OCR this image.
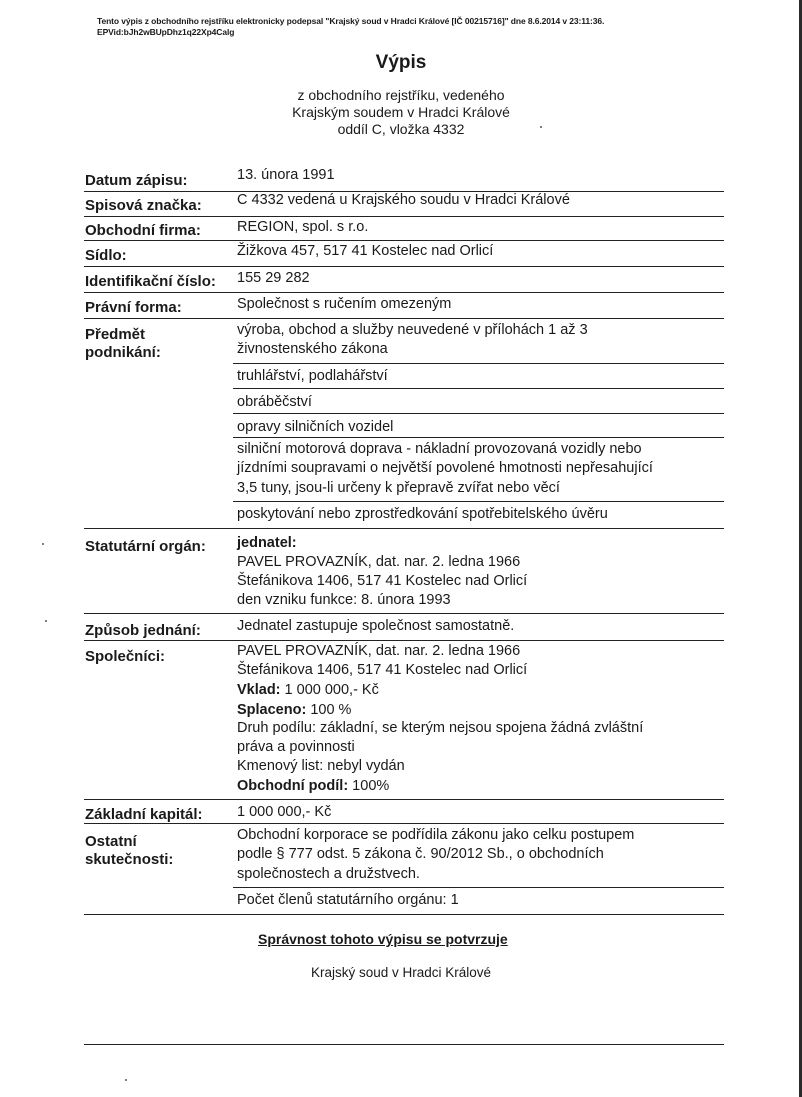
Tento výpis z obchodního rejstříku elektronicky podepsal "Krajský soud v Hradci Králové [IČ 00215716]" dne 8.6.2014 v 23:11:36.
EPVid:bJh2wBUpDhz1q22Xp4Calg
Výpis
z obchodního rejstříku, vedeného
Krajským soudem v Hradci Králové
oddíl C, vložka 4332
Datum zápisu:	13. února 1991
Spisová značka: C 4332 vedená u Krajského soudu v Hradci Králové
Obchodní firma: REGION, spol. s r.o.
Sídlo:	Žižkova 457, 517 41 Kostelec nad Orlicí
Identifikační číslo: 155 29 282
Právní forma:	Společnost s ručením omezeným
Předmět
podnikání:
výroba, obchod a služby neuvedené v přílohách 1 až 3
živnostenského zákona
truhlářství, podlahářství
obráběčství
opravy silničních vozidel
silniční motorová doprava - nákladní provozovaná vozidly nebo
jízdními soupravami o největší povolené hmotnosti nepřesahující
3,5 tuny, jsou-li určeny k přepravě zvířat nebo věcí
poskytování nebo zprostředkování spotřebitelského úvěru
Statutární orgán: jednatel:
PAVEL PROVAZNÍK, dat. nar. 2. ledna 1966
Štefánikova 1406, 517 41 Kostelec nad Orlicí
den vzniku funkce: 8. února 1993
Způsob jednání: Jednatel zastupuje společnost samostatně.
Společníci:	PAVEL PROVAZNÍK, dat. nar. 2. ledna 1966
Štefánikova 1406, 517 41 Kostelec nad Orlicí
Vklad: 1 000 000,- Kč
Splaceno: 100 %
Druh podílu: základní, se kterým nejsou spojena žádná zvláštní
práva a povinnosti
Kmenový list: nebyl vydán
Obchodní podíl: 100%
Základní kapitál: 1 000 000,- Kč
Ostatní
skutečnosti:
Obchodní korporace se podřídila zákonu jako celku postupem
podle § 777 odst. 5 zákona č. 90/2012 Sb., o obchodních
společnostech a družstvech.
Počet členů statutárního orgánu: 1
Správnost tohoto výpisu se potvrzuje
Krajský soud v Hradci Králové
